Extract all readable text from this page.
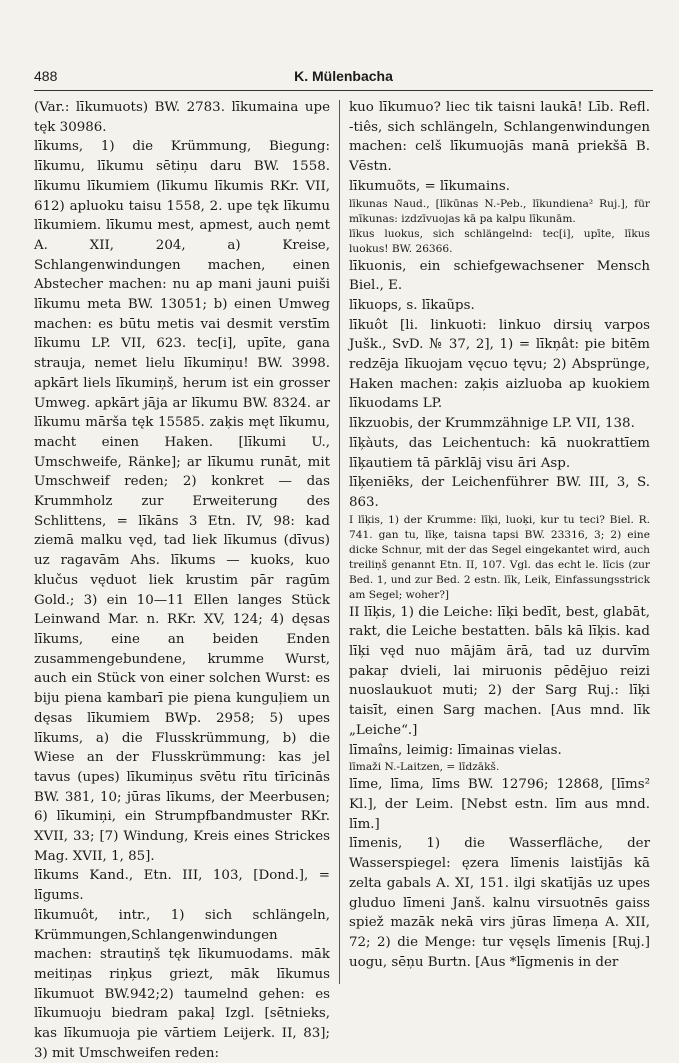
488	K. Mülenbacha

(Var.: līkumuots) BW. 2783. līkumaina upe tęk 30986.

līkums, 1) die Krümmung, Biegung: līkumu, līkumu sētiņu daru BW. 1558. līkumu līkumiem (līkumu līkumis RKr. VII, 612) apluoku taisu 1558, 2. upe tęk līkumu līkumiem. līkumu mest, apmest, auch ņemt A. XII, 204, a) Kreise, Schlangenwindungen machen, einen Abstecher machen: nu ap mani jauni puiši līkumu meta BW. 13051; b) einen Umweg machen: es būtu metis vai desmit verstīm līkumu LP. VII, 623. tec[i], upīte, gana strauja, nemet lielu līkumiņu! BW. 3998. apkārt liels līkumiņš, herum ist ein grosser Umweg. apkārt jāja ar līkumu BW. 8324. ar līkumu mārša tęk 15585. zaķis męt līkumu, macht einen Haken. [līkumi U., Umschweife, Ränke]; ar līkumu runāt, mit Umschweif reden; 2) konkret — das Krummholz zur Erweiterung des Schlittens, = līkāns 3 Etn. IV, 98: kad ziemā malku vęd, tad liek līkumus (dīvus) uz ragavām Ahs. līkums — kuoks, kuo klučus vęduot liek krustim pār ragūm Gold.; 3) ein 10—11 Ellen langes Stück Leinwand Mar. n. RKr. XV, 124; 4) dęsas līkums, eine an beiden Enden zusammengebundene, krumme Wurst, auch ein Stück von einer solchen Wurst: es biju piena kambarī pie piena kunguļiem un dęsas līkumiem BWp. 2958; 5) upes līkums, a) die Flusskrümmung, b) die Wiese an der Flusskrümmung: kas jel tavus (upes) līkumiņus svētu rītu tīrīcinās BW. 381, 10; jūras līkums, der Meerbusen; 6) līkumiņi, ein Strumpfbandmuster RKr. XVII, 33; [7) Windung, Kreis eines Strickes Mag. XVII, 1, 85].

līkums Kand., Etn. III, 103, [Dond.], = līgums.

līkumuôt, intr., 1) sich schlängeln, Krümmungen,Schlangenwindungen machen: strautiņš tęk līkumuodams. māk meitiņas riņķus griezt, māk līkumus līkumuot BW.942;2) taumelnd gehen: es līkumuoju biedram pakaļ Izgl. [sētnieks, kas līkumuoja pie vārtiem Leijerk. II, 83]; 3) mit Umschweifen reden:

kuo līkumuo? liec tik taisni laukā! Līb. Refl. -tiês, sich schlängeln, Schlangenwindungen machen: celš līkumuojās manā priekšā B. Vēstn.

līkumuõts, = līkumains.

līkunas Naud., [līkūnas N.-Peb., līkundiena² Ruj.], für mīkunas: izdzīvuojas kā pa kalpu līkunām.

līkus luokus, sich schlängelnd: tec[i], upīte, līkus luokus! BW. 26366.

līkuonis, ein schiefgewachsener Mensch Biel., E.

līkuops, s. līkaũps.

līkuôt [li. linkuoti: linkuo dirsių varpos Jušk., SvD. № 37, 2], 1) = līkņât: pie bitēm redzēja līkuojam vęcuo tęvu; 2) Absprünge, Haken machen: zaķis aizluoba ap kuokiem līkuodams LP.

līkzuobis, der Krummzähnige LP. VII, 138.

līķàuts, das Leichentuch: kā nuokrattīem līķautiem tā pārklāj visu āri Asp.

līķeniēks, der Leichenführer BW. III, 3, S. 863.

I līķis, 1) der Krumme: līķi, luoķi, kur tu teci? Biel. R. 741. gan tu, līķe, taisna tapsi BW. 23316, 3; 2) eine dicke Schnur, mit der das Segel eingekantet wird, auch treiliņš genannt Etn. II, 107. Vgl. das echt le. līcis (zur Bed. 1, und zur Bed. 2 estn. līk, Leik, Einfassungsstrick am Segel; woher?]

II līķis, 1) die Leiche: līķi bedīt, best, glabāt, rakt, die Leiche bestatten. bāls kā līķis. kad līķi vęd nuo mājām ārā, tad uz durvīm pakaŗ dvieli, lai miruonis pēdējuo reizi nuoslaukuot muti; 2) der Sarg Ruj.: līķi taisīt, einen Sarg machen. [Aus mnd. līk „Leiche“.]

līmaîns, leimig: līmainas vielas.

līmaži N.-Laitzen, = līdzākš.

līme, līma, līms BW. 12796; 12868, [līms² Kl.], der Leim. [Nebst estn. līm aus mnd. līm.]

līmenis, 1) die Wasserfläche, der Wasserspiegel: ęzera līmenis laistījās kā zelta gabals A. XI, 151. ilgi skatījās uz upes gluduo līmeni Janš. kalnu virsuotnēs gaiss spiež mazāk nekā virs jūras līmeņa A. XII, 72; 2) die Menge: tur vęsęls līmenis [Ruj.] uogu, sēņu Burtn. [Aus *līgmenis in der
